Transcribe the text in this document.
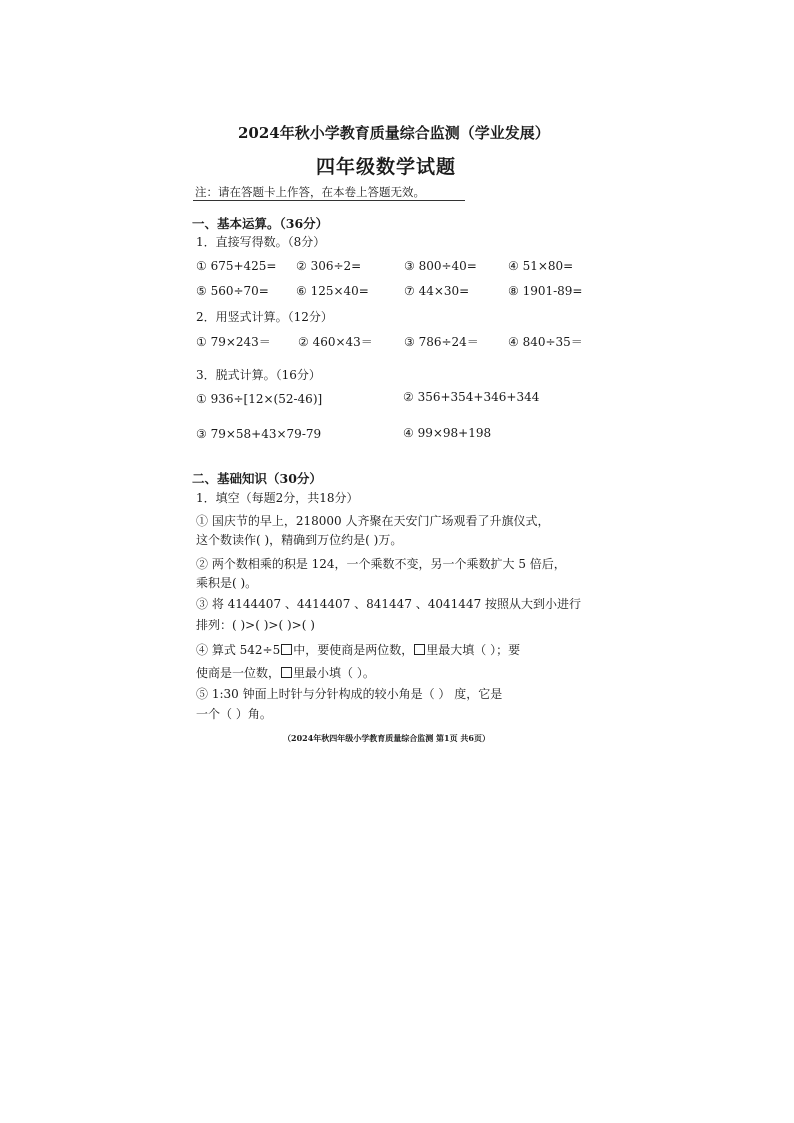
2024年秋小学教育质量综合监测（学业发展）
四年级数学试题
注：请在答题卡上作答，在本卷上答题无效。
一、基本运算。（36分）
1．直接写得数。（8分）
① 675+425= ② 306÷2=	③ 800÷40=	④ 51×80=
⑤ 560÷70= ⑥ 125×40=	⑦ 44×30=	⑧ 1901-89=
2．用竖式计算。（12分）
① 79×243＝ ② 460×43＝	③ 786÷24＝ ④ 840÷35＝
3．脱式计算。（16分）
① 936÷[12×(52-46)]	② 356+354+346+344
③ 79×58+43×79-79	④ 99×98+198
二、基础知识（30分）
1．填空（每题2分，共18分）
① 国庆节的早上，218000 人齐聚在天安门广场观看了升旗仪式，
这个数读作( )，精确到万位约是( )万。
② 两个数相乘的积是 124，一个乘数不变，另一个乘数扩大 5 倍后，
乘积是( )。
③ 将 4144407 、4414407 、841447 、4041447 按照从大到小进行
排列：( )>( )>( )>( )
④ 算式 542÷5 中，要使商是两位数， 里最大填（ ）；要
使商是一位数， 里最小填（ ）。
⑤ 1:30 钟面上时针与分针构成的较小角是（ ） 度，它是
一个（ ）角。
（2024年秋四年级小学教育质量综合监测 第1页 共6页）
